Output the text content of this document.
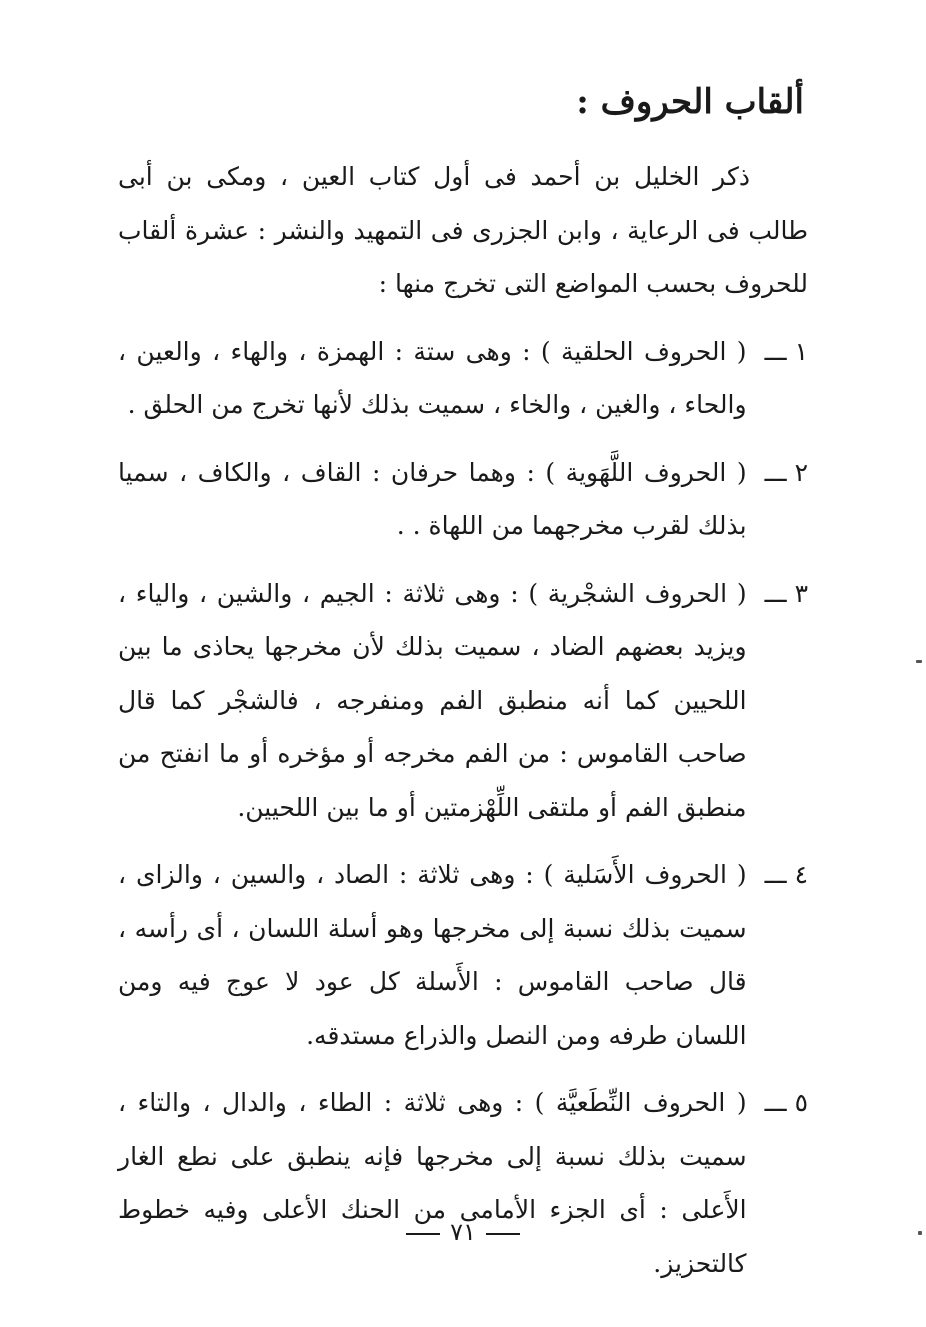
ألقاب الحروف :

ذكر الخليل بن أحمد فى أول كتاب العين ، ومكى بن أبى طالب فى الرعاية ، وابن الجزرى فى التمهيد والنشر : عشرة ألقاب للحروف بحسب المواضع التى تخرج منها :

١ـــ
( الحروف الحلقية ) : وهى ستة : الهمزة ، والهاء ، والعين ، والحاء ، والغين ، والخاء ، سميت بذلك لأنها تخرج من الحلق .
٢ـــ
( الحروف اللَّهَوية ) : وهما حرفان : القاف ، والكاف ، سميا بذلك لقرب مخرجهما من اللهاة . .
٣ـــ
( الحروف الشجْرية ) : وهى ثلاثة : الجيم ، والشين ، والياء ، ويزيد بعضهم الضاد ، سميت بذلك لأن مخرجها يحاذى ما بين اللحيين كما أنه منطبق الفم ومنفرجه ، فالشجْر كما قال صاحب القاموس : من الفم مخرجه أو مؤخره أو ما انفتح من منطبق الفم أو ملتقى اللِّهْزمتين أو ما بين اللحيين.
٤ـــ
( الحروف الأَسَلية ) : وهى ثلاثة : الصاد ، والسين ، والزاى ، سميت بذلك نسبة إلى مخرجها وهو أسلة اللسان ، أى رأسه ، قال صاحب القاموس : الأَسلة كل عود لا عوج فيه ومن اللسان طرفه ومن النصل والذراع مستدقه.
٥ـــ
( الحروف النِّطَعيَّة ) : وهى ثلاثة : الطاء ، والدال ، والتاء ، سميت بذلك نسبة إلى مخرجها فإنه ينطبق على نطع الغار الأَعلى : أى الجزء الأمامى من الحنك الأعلى وفيه خطوط كالتحزيز.
٧١
